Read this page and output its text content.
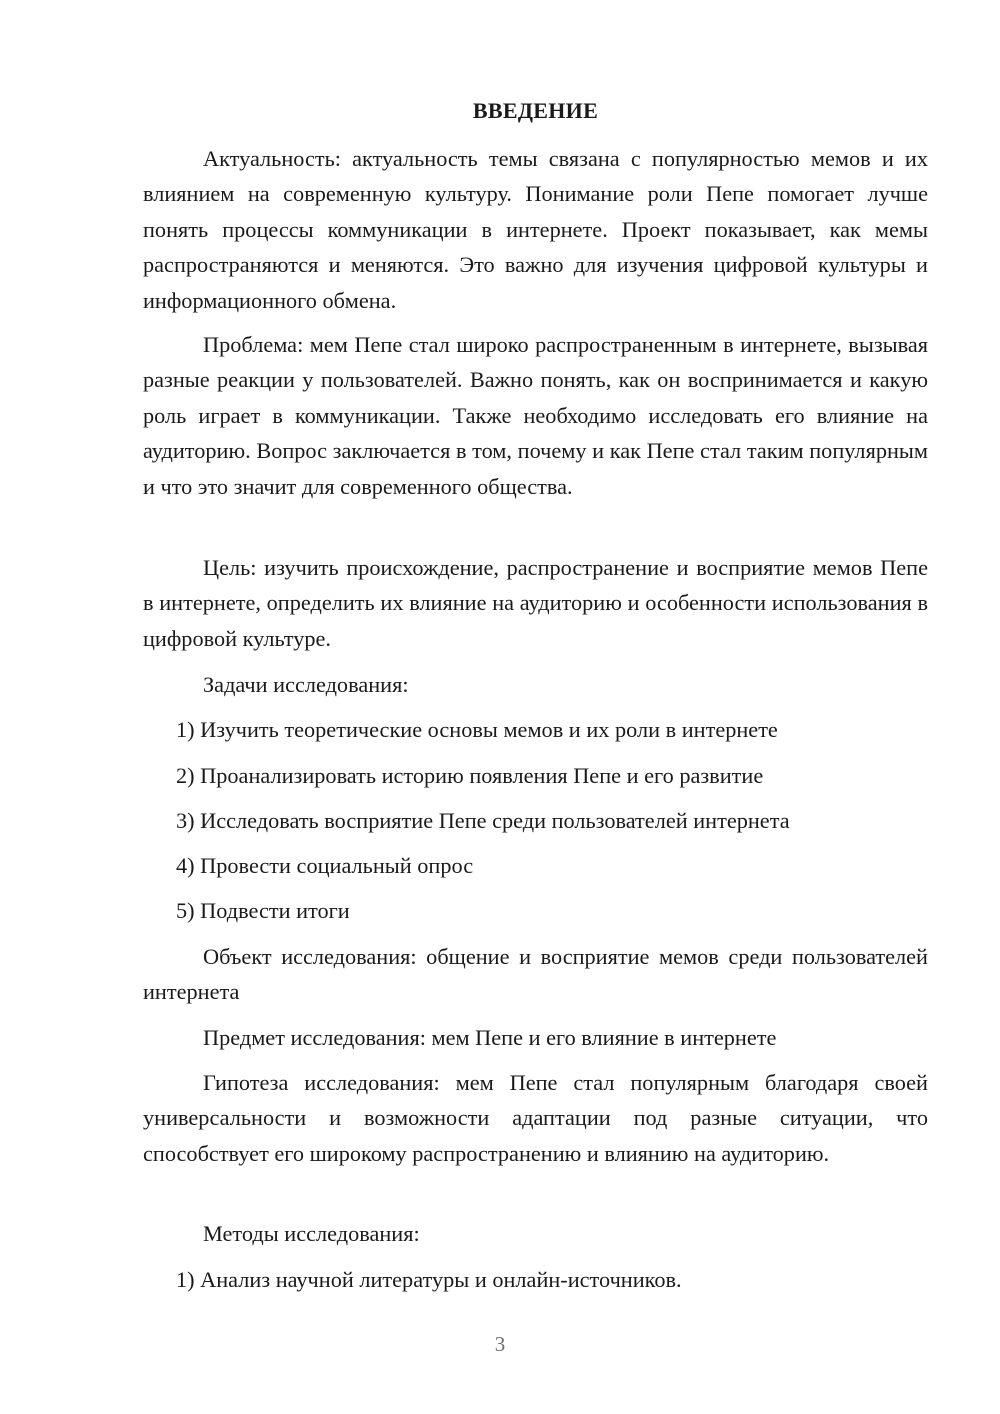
ВВЕДЕНИЕ

Актуальность: актуальность темы связана с популярностью мемов и их влиянием на современную культуру. Понимание роли Пепе помогает лучше понять процессы коммуникации в интернете. Проект показывает, как мемы распространяются и меняются. Это важно для изучения цифровой культуры и информационного обмена.

Проблема: мем Пепе стал широко распространенным в интернете, вызывая разные реакции у пользователей. Важно понять, как он воспринимается и какую роль играет в коммуникации. Также необходимо исследовать его влияние на аудиторию. Вопрос заключается в том, почему и как Пепе стал таким популярным и что это значит для современного общества.

Цель: изучить происхождение, распространение и восприятие мемов Пепе в интернете, определить их влияние на аудиторию и особенности использования в цифровой культуре.

Задачи исследования:

1) Изучить теоретические основы мемов и их роли в интернете

2) Проанализировать историю появления Пепе и его развитие

3) Исследовать восприятие Пепе среди пользователей интернета

4) Провести социальный опрос

5) Подвести итоги

Объект исследования: общение и восприятие мемов среди пользователей интернета

Предмет исследования: мем Пепе и его влияние в интернете

Гипотеза исследования: мем Пепе стал популярным благодаря своей универсальности и возможности адаптации под разные ситуации, что способствует его широкому распространению и влиянию на аудиторию.

Методы исследования:

1) Анализ научной литературы и онлайн-источников.

3
